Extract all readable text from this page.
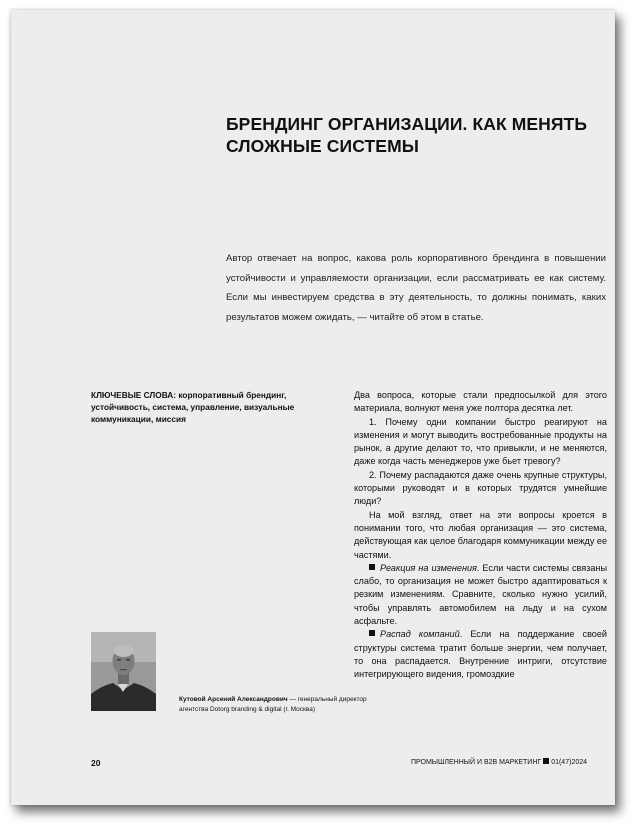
БРЕНДИНГ ОРГАНИЗАЦИИ. КАК МЕНЯТЬ СЛОЖНЫЕ СИСТЕМЫ
Автор отвечает на вопрос, какова роль корпоративного брендинга в повышении устойчивости и управляемости организации, если рассматривать ее как систему. Если мы инвестируем средства в эту деятельность, то должны понимать, каких результатов можем ожидать, — читайте об этом в статье.
КЛЮЧЕВЫЕ СЛОВА: корпоративный брендинг, устойчивость, система, управление, визуальные коммуникации, миссия

Два вопроса, которые стали предпосылкой для этого материала, волнуют меня уже полтора десятка лет.

1. Почему одни компании быстро реагируют на изменения и могут выводить востребованные продукты на рынок, а другие делают то, что привыкли, и не меняются, даже когда часть менеджеров уже бьет тревогу?

2. Почему распадаются даже очень крупные структуры, которыми руководят и в которых трудятся умнейшие люди?

На мой взгляд, ответ на эти вопросы кроется в понимании того, что любая организация — это система, действующая как целое благодаря коммуникации между ее частями.

Реакция на изменения. Если части системы связаны слабо, то организация не может быстро адаптироваться к резким изменениям. Сравните, сколько нужно усилий, чтобы управлять автомобилем на льду и на сухом асфальте.

Распад компаний. Если на поддержание своей структуры система тратит больше энергии, чем получает, то она распадается. Внутренние интриги, отсутствие интегрирующего видения, громоздкие

Кутовой Арсений Александрович — генеральный директор агентства Dotorg branding & digital (г. Москва)
20	ПРОМЫШЛЕННЫЙ И B2B МАРКЕТИНГ 01(47)2024
